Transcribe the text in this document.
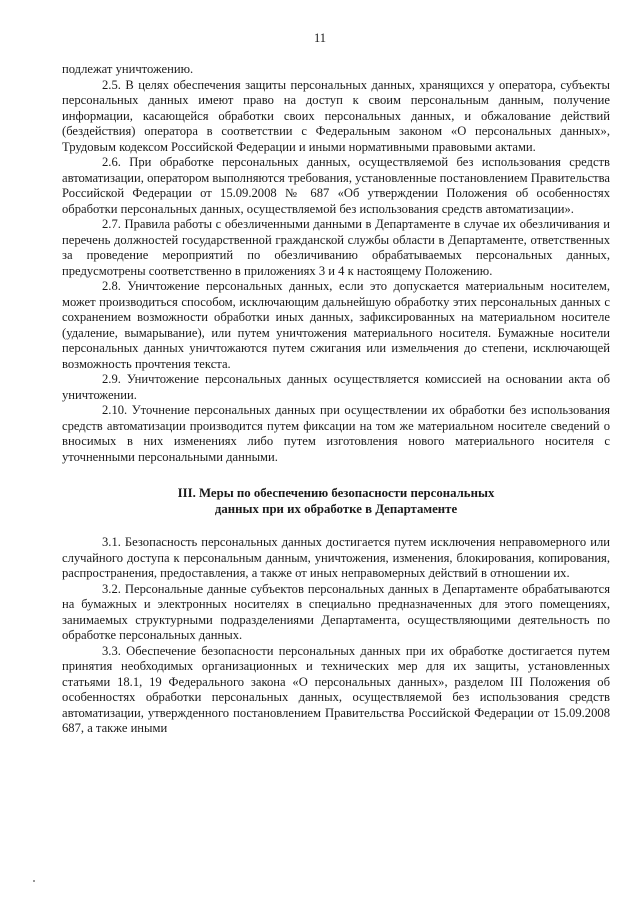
11

подлежат уничтожению.

2.5. В целях обеспечения защиты персональных данных, хранящихся у оператора, субъекты персональных данных имеют право на доступ к своим персональным данным, получение информации, касающейся обработки своих персональных данных, и обжалование действий (бездействия) оператора в соответствии с Федеральным законом «О персональных данных», Трудовым кодексом Российской Федерации и иными нормативными правовыми актами.

2.6. При обработке персональных данных, осуществляемой без использования средств автоматизации, оператором выполняются требования, установленные постановлением Правительства Российской Федерации от 15.09.2008 № 687 «Об утверждении Положения об особенностях обработки персональных данных, осуществляемой без использования средств автоматизации».

2.7. Правила работы с обезличенными данными в Департаменте в случае их обезличивания и перечень должностей государственной гражданской службы области в Департаменте, ответственных за проведение мероприятий по обезличиванию обрабатываемых персональных данных, предусмотрены соответственно в приложениях 3 и 4 к настоящему Положению.

2.8. Уничтожение персональных данных, если это допускается материальным носителем, может производиться способом, исключающим дальнейшую обработку этих персональных данных с сохранением возможности обработки иных данных, зафиксированных на материальном носителе (удаление, вымарывание), или путем уничтожения материального носителя. Бумажные носители персональных данных уничтожаются путем сжигания или измельчения до степени, исключающей возможность прочтения текста.

2.9. Уничтожение персональных данных осуществляется комиссией на основании акта об уничтожении.

2.10. Уточнение персональных данных при осуществлении их обработки без использования средств автоматизации производится путем фиксации на том же материальном носителе сведений о вносимых в них изменениях либо путем изготовления нового материального носителя с уточненными персональными данными.

III. Меры по обеспечению безопасности персональных
данных при их обработке в Департаменте

3.1. Безопасность персональных данных достигается путем исключения неправомерного или случайного доступа к персональным данным, уничтожения, изменения, блокирования, копирования, распространения, предоставления, а также от иных неправомерных действий в отношении их.

3.2. Персональные данные субъектов персональных данных в Департаменте обрабатываются на бумажных и электронных носителях в специально предназначенных для этого помещениях, занимаемых структурными подразделениями Департамента, осуществляющими деятельность по обработке персональных данных.

3.3. Обеспечение безопасности персональных данных при их обработке достигается путем принятия необходимых организационных и технических мер для их защиты, установленных статьями 18.1, 19 Федерального закона «О персональных данных», разделом III Положения об особенностях обработки персональных данных, осуществляемой без использования средств автоматизации, утвержденного постановлением Правительства Российской Федерации от 15.09.2008 687, а также иными
